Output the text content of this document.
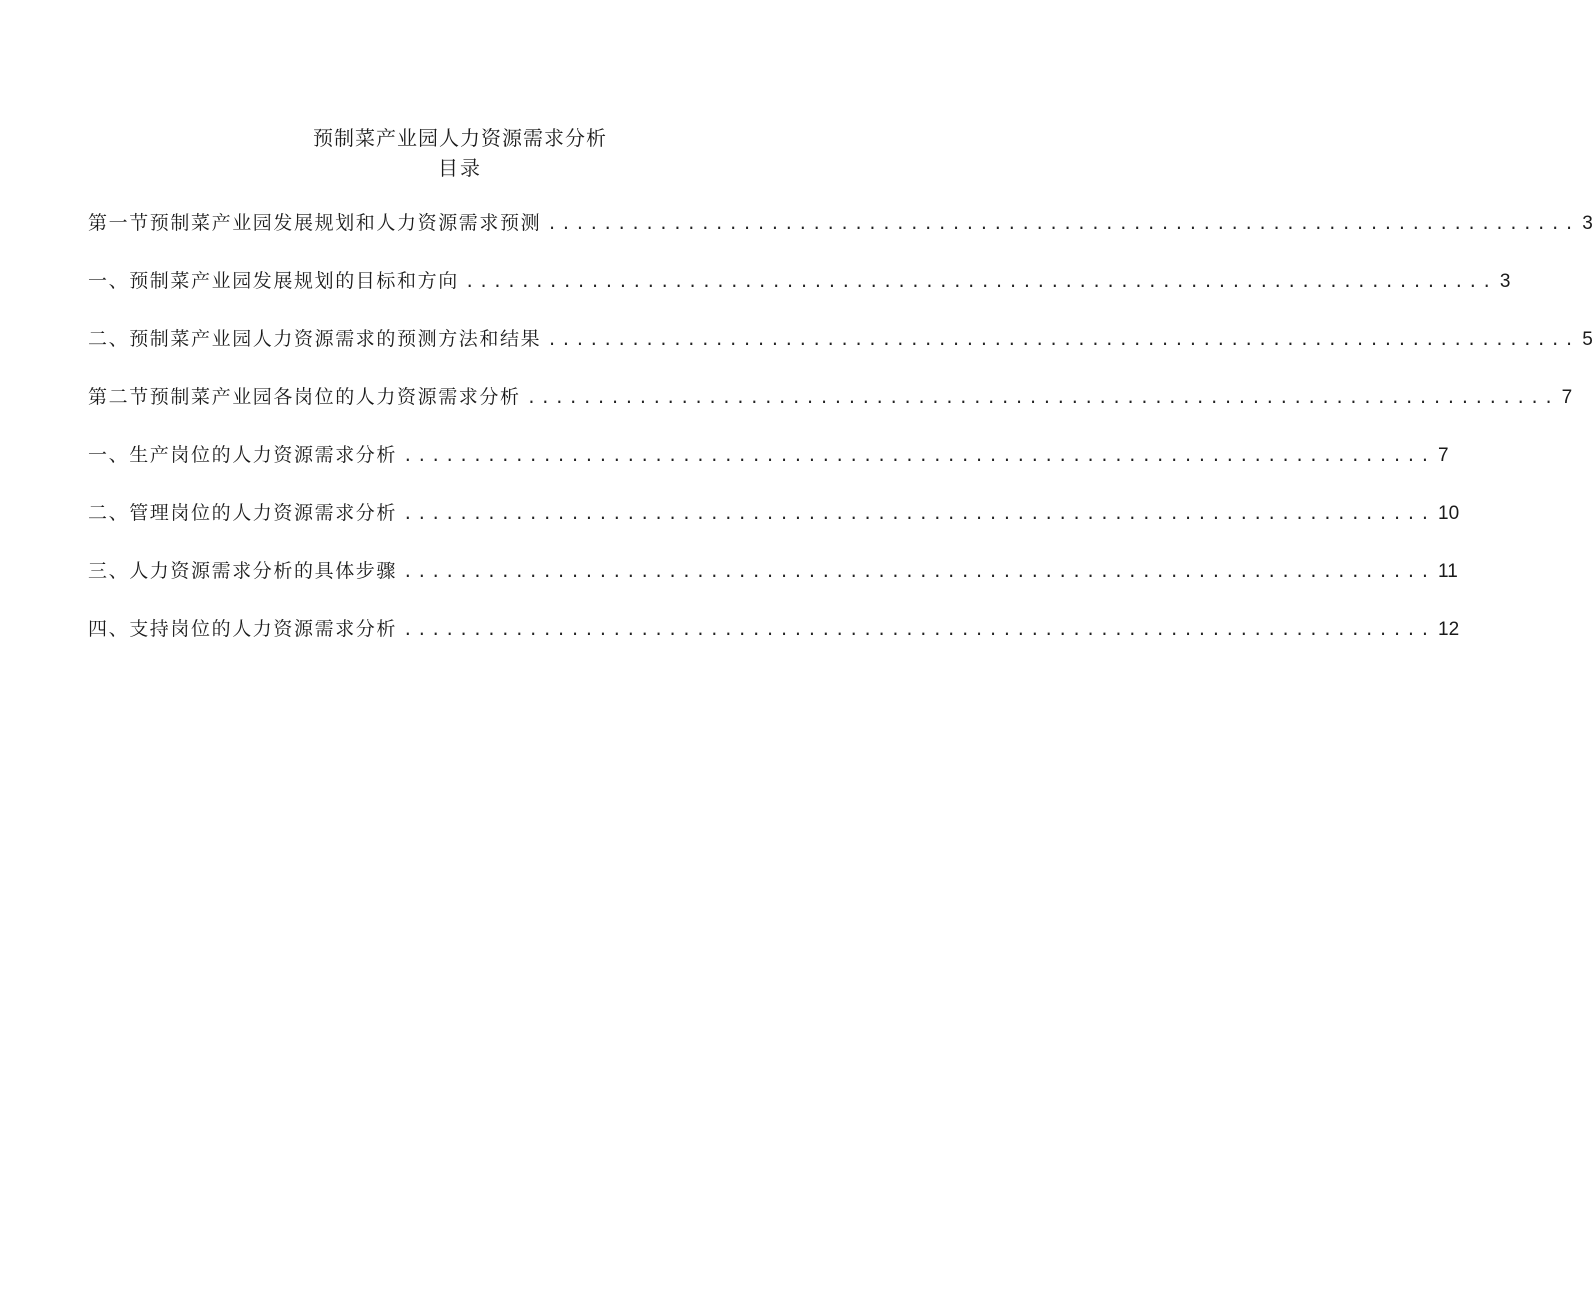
预制菜产业园人力资源需求分析
目录
第一节预制菜产业园发展规划和人力资源需求预测 .......................................................................... 3
一、预制菜产业园发展规划的目标和方向 .......................................................................... 3
二、预制菜产业园人力资源需求的预测方法和结果 .......................................................................... 5
第二节预制菜产业园各岗位的人力资源需求分析 .......................................................................... 7
一、生产岗位的人力资源需求分析 .......................................................................... 7
二、管理岗位的人力资源需求分析 .......................................................................... 10
三、人力资源需求分析的具体步骤 .......................................................................... 11
四、支持岗位的人力资源需求分析 .......................................................................... 12
